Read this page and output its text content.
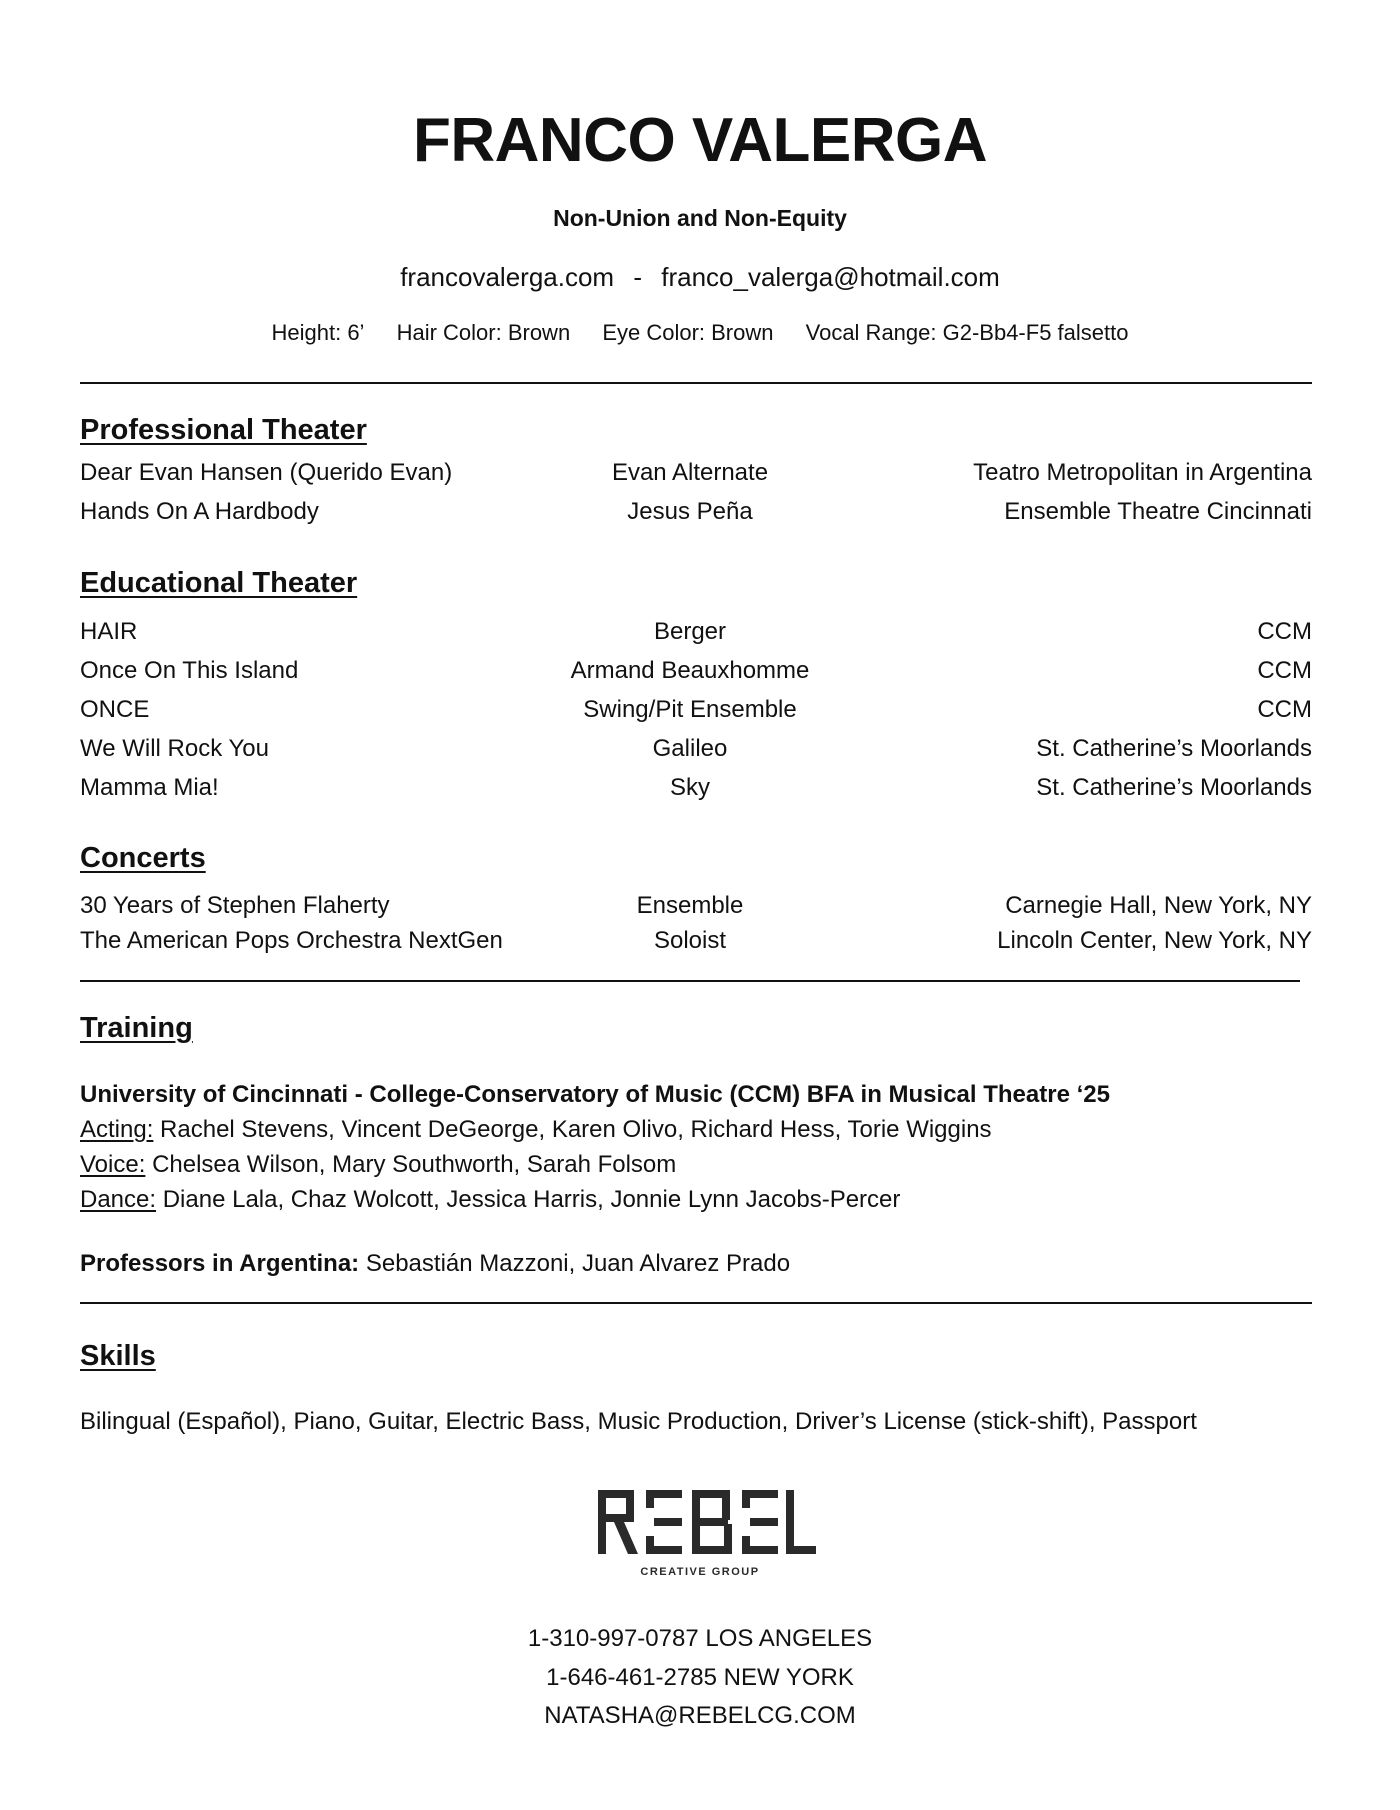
FRANCO VALERGA
Non-Union and Non-Equity
francovalerga.com - franco_valerga@hotmail.com
Height: 6’ Hair Color: Brown Eye Color: Brown Vocal Range: G2-Bb4-F5 falsetto
Professional Theater
Dear Evan Hansen (Querido Evan)	Evan Alternate	Teatro Metropolitan in Argentina
Hands On A Hardbody	Jesus Peña	Ensemble Theatre Cincinnati
Educational Theater
HAIR	Berger	CCM
Once On This Island	Armand Beauxhomme	CCM
ONCE	Swing/Pit Ensemble	CCM
We Will Rock You	Galileo	St. Catherine’s Moorlands
Mamma Mia!	Sky	St. Catherine’s Moorlands
Concerts
30 Years of Stephen Flaherty	Ensemble	Carnegie Hall, New York, NY
The American Pops Orchestra NextGen	Soloist	Lincoln Center, New York, NY
Training
University of Cincinnati - College-Conservatory of Music (CCM) BFA in Musical Theatre ‘25
Acting: Rachel Stevens, Vincent DeGeorge, Karen Olivo, Richard Hess, Torie Wiggins
Voice: Chelsea Wilson, Mary Southworth, Sarah Folsom
Dance: Diane Lala, Chaz Wolcott, Jessica Harris, Jonnie Lynn Jacobs-Percer
Professors in Argentina: Sebastián Mazzoni, Juan Alvarez Prado
Skills
Bilingual (Español), Piano, Guitar, Electric Bass, Music Production, Driver’s License (stick-shift), Passport
CREATIVE GROUP
1-310-997-0787 LOS ANGELES
1-646-461-2785 NEW YORK
NATASHA@REBELCG.COM
